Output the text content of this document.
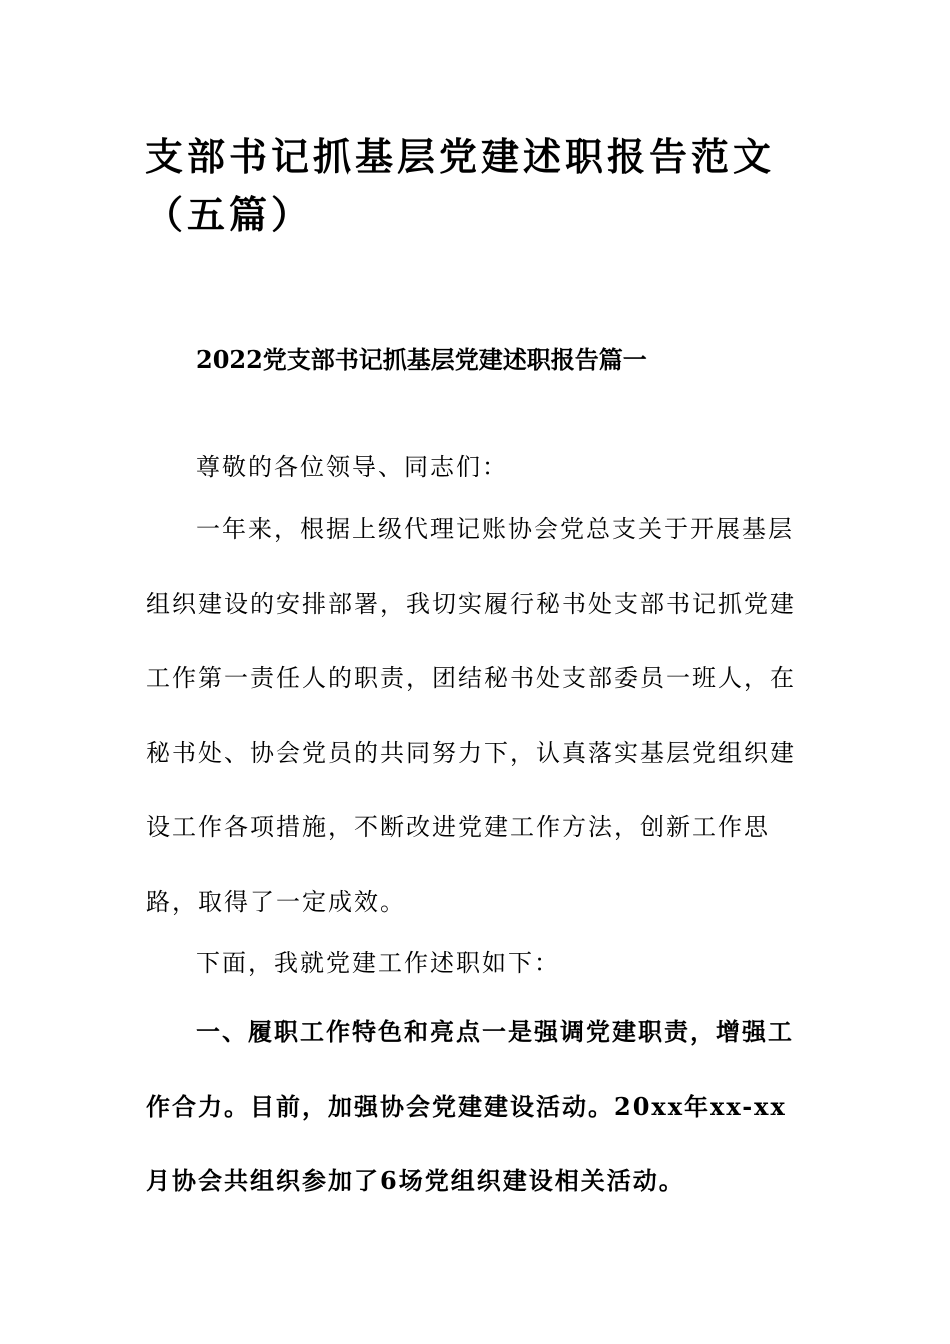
支部书记抓基层党建述职报告范文（五篇）
2022党支部书记抓基层党建述职报告篇一

尊敬的各位领导、同志们：

一年来，根据上级代理记账协会党总支关于开展基层组织建设的安排部署，我切实履行秘书处支部书记抓党建工作第一责任人的职责，团结秘书处支部委员一班人，在秘书处、协会党员的共同努力下，认真落实基层党组织建设工作各项措施，不断改进党建工作方法，创新工作思路，取得了一定成效。

下面，我就党建工作述职如下：

一、履职工作特色和亮点一是强调党建职责，增强工作合力。目前，加强协会党建建设活动。20xx年xx-xx月协会共组织参加了6场党组织建设相关活动。
